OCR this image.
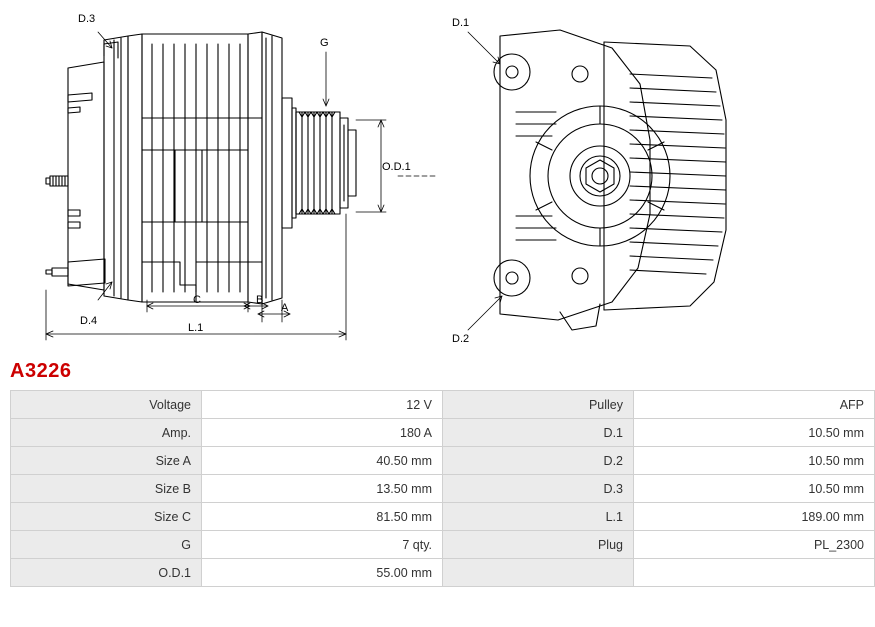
D.3
G
O.D.1
D.4
C	B
A
L.1
D.1
D.2
A3226
Voltage	12 V	Pulley	AFP
Amp.	180 A	D.1	10.50 mm
Size A	40.50 mm	D.2	10.50 mm
Size B	13.50 mm	D.3	10.50 mm
Size C	81.50 mm	L.1	189.00 mm
G	7 qty.	Plug	PL_2300
O.D.1	55.00 mm		
